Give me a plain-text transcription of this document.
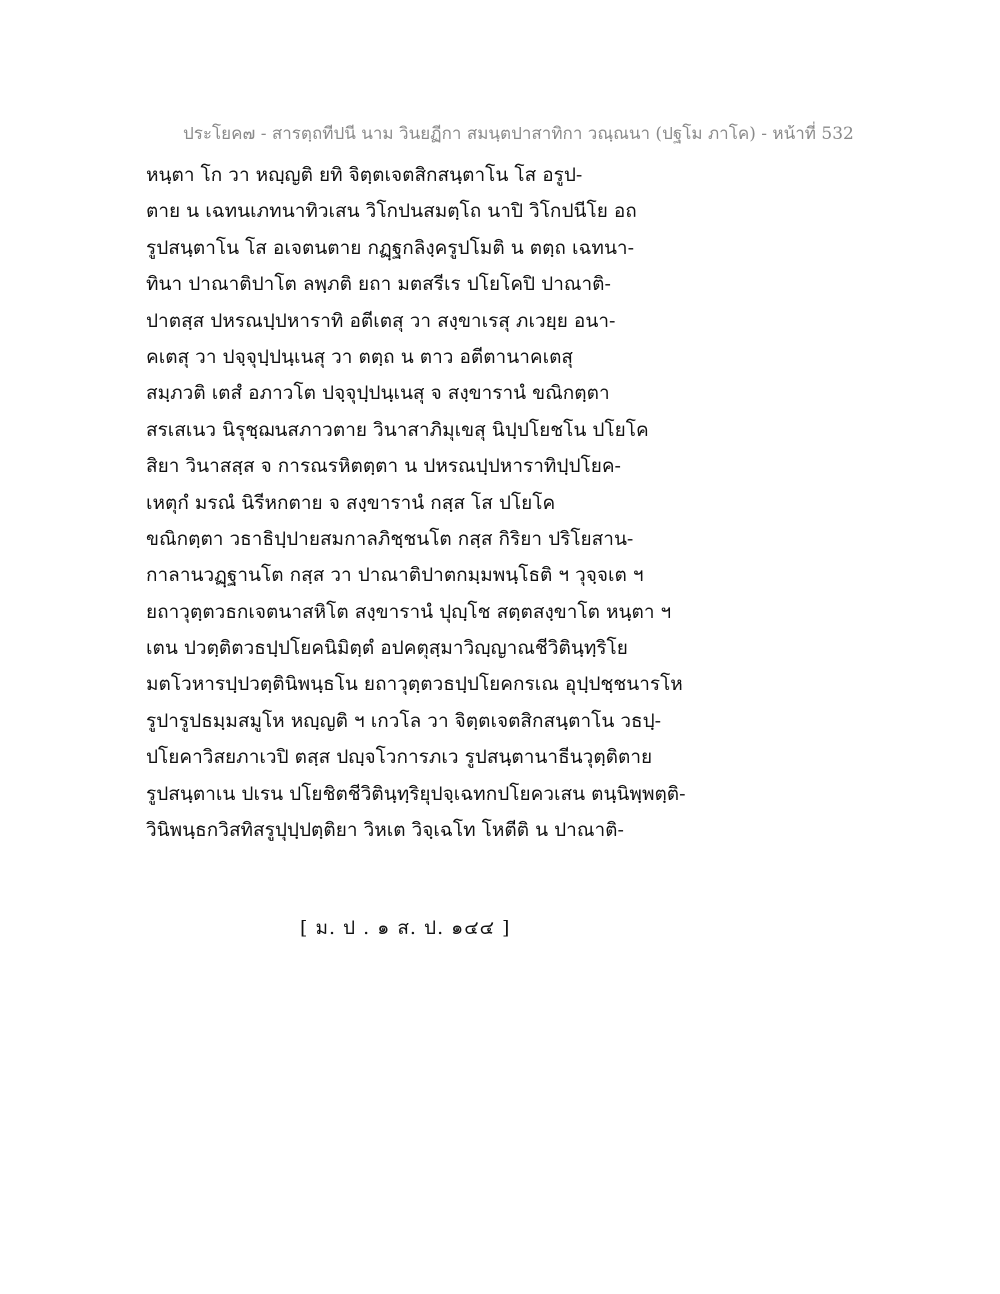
ประโยค๗ - สารตฺถทีปนี นาม วินยฏีกา สมนฺตปาสาทิกา วณฺณนา (ปฐโม ภาโค) - หน้าที่ 532
หนฺตา โก วา หญฺญติ ยทิ จิตฺตเจตสิกสนฺตาโน โส อรูป-
ตาย น เฉทนเภทนาทิวเสน วิโกปนสมตฺโถ นาปิ วิโกปนีโย อถ
รูปสนฺตาโน โส อเจตนตาย กฏฺฐกลิงฺครูปโมติ น ตตฺถ เฉทนา-
ทินา ปาณาติปาโต ลพฺภติ ยถา มตสรีเร ปโยโคปิ ปาณาติ-
ปาตสฺส ปหรณปฺปหาราทิ อตีเตสุ วา สงฺขาเรสุ ภเวยฺย อนา-
คเตสุ วา ปจฺจุปฺปนฺเนสุ วา ตตฺถ น ตาว อตีตานาคเตสุ
สมฺภวติ เตสํ อภาวโต ปจฺจุปฺปนฺเนสุ จ สงฺขารานํ ขณิกตฺตา
สรเสเนว นิรุชฺฌนสภาวตาย วินาสาภิมุเขสุ นิปฺปโยชโน ปโยโค
สิยา วินาสสฺส จ การณรหิตตฺตา น ปหรณปฺปหาราทิปฺปโยค-
เหตุกํ มรณํ นิรีหกตาย จ สงฺขารานํ กสฺส โส ปโยโค
ขณิกตฺตา วธาธิปฺปายสมกาลภิชฺชนโต กสฺส กิริยา ปริโยสาน-
กาลานวฏฺฐานโต กสฺส วา ปาณาติปาตกมฺมพนฺโธติ ฯ วุจฺจเต ฯ
ยถาวุตฺตวธกเจตนาสหิโต สงฺขารานํ ปุญฺโช สตฺตสงฺขาโต หนฺตา ฯ
เตน ปวตฺติตวธปฺปโยคนิมิตฺตํ อปคตุสฺมาวิญฺญาณชีวิตินฺทฺริโย
มตโวหารปฺปวตฺตินิพนฺธโน ยถาวุตฺตวธปฺปโยคกรเณ อุปฺปชฺชนารโห
รูปารูปธมฺมสมูโห หญฺญติ ฯ เกวโล วา จิตฺตเจตสิกสนฺตาโน วธปฺ-
ปโยคาวิสยภาเวปิ ตสฺส ปญฺจโวการภเว รูปสนฺตานาธีนวุตฺติตาย
รูปสนฺตาเน ปเรน ปโยชิตชีวิตินฺทฺริยุปจฺเฉทกปโยควเสน ตนฺนิพฺพตฺติ-
วินิพนฺธกวิสทิสรูปุปฺปตฺติยา วิหเต วิจฺเฉโท โหตีติ น ปาณาติ-
[ ม. ป . ๑ ส. ป. ๑๔๔ ]
